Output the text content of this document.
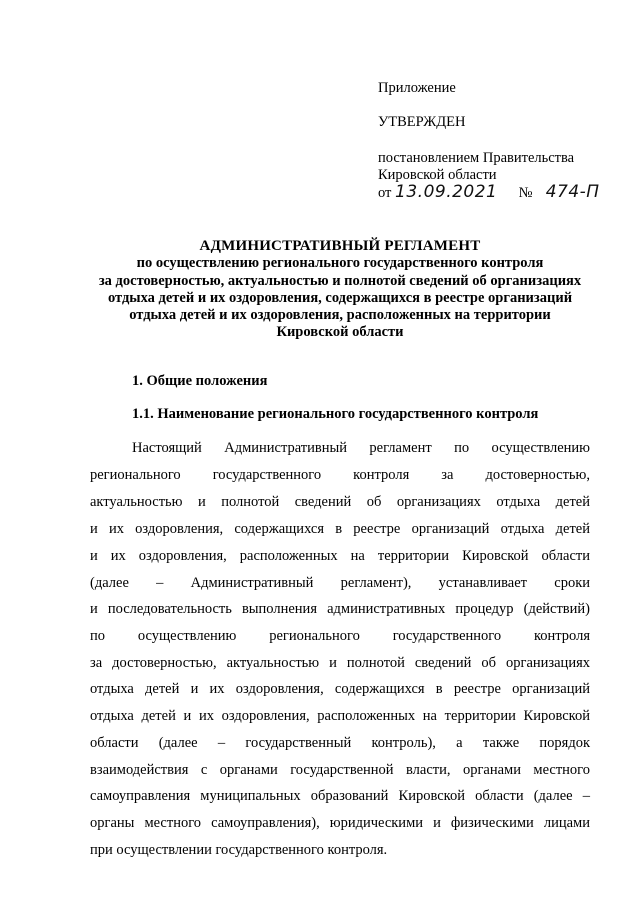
Приложение
УТВЕРЖДЕН
постановлением Правительства
Кировской области
от 13.09.2021 № 474-П
АДМИНИСТРАТИВНЫЙ РЕГЛАМЕНТ
по осуществлению регионального государственного контроля
за достоверностью, актуальностью и полнотой сведений об организациях
отдыха детей и их оздоровления, содержащихся в реестре организаций
отдыха детей и их оздоровления, расположенных на территории
Кировской области
1. Общие положения
1.1. Наименование регионального государственного контроля
Настоящий Административный регламент по осуществлению
регионального государственного контроля за достоверностью,
актуальностью и полнотой сведений об организациях отдыха детей
и их оздоровления, содержащихся в реестре организаций отдыха детей
и их оздоровления, расположенных на территории Кировской области
(далее – Административный регламент), устанавливает сроки
и последовательность выполнения административных процедур (действий)
по осуществлению регионального государственного контроля
за достоверностью, актуальностью и полнотой сведений об организациях
отдыха детей и их оздоровления, содержащихся в реестре организаций
отдыха детей и их оздоровления, расположенных на территории Кировской
области (далее – государственный контроль), а также порядок
взаимодействия с органами государственной власти, органами местного
самоуправления муниципальных образований Кировской области (далее –
органы местного самоуправления), юридическими и физическими лицами
при осуществлении государственного контроля.
